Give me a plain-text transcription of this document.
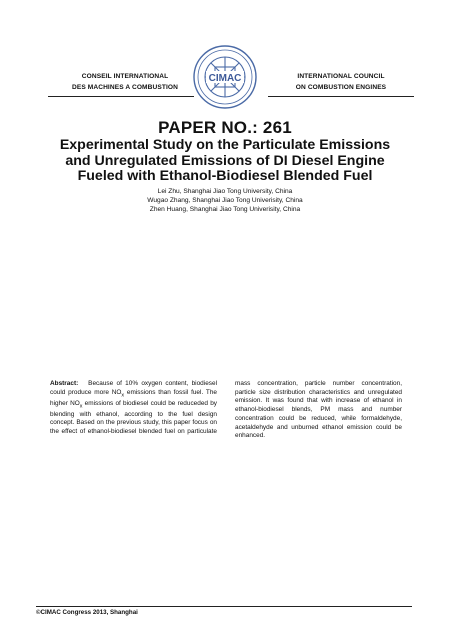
CONSEIL INTERNATIONAL
DES MACHINES A COMBUSTION
CIMAC	INTERNATIONAL COUNCIL
ON COMBUSTION ENGINES
PAPER NO.: 261
Experimental Study on the Particulate Emissions
and Unregulated Emissions of DI Diesel Engine
Fueled with Ethanol-Biodiesel Blended Fuel
Lei Zhu, Shanghai Jiao Tong University, China
Wugao Zhang, Shanghai Jiao Tong Univerisity, China
Zhen Huang, Shanghai Jiao Tong Univerisity, China
Abstract: Because of 10% oxygen content, biodiesel could produce more $NO_x$ emissions than fossil fuel. The higher $NO_x$ emissions of biodiesel could be reduceded by blending with ethanol, according to the fuel design concept. Based on the previous study, this paper focus on the effect of ethanol-biodiesel blended fuel on particulate mass concentration, particle number concentration, particle size distribution characteristics and unregulated emission. It was found that with increase of ethanol in ethanol-biodiesel blends, PM mass and number concentration could be reduced, while formaldehyde, acetaldehyde and unburned ethanol emission could be enhanced.
©CIMAC Congress 2013, Shanghai
